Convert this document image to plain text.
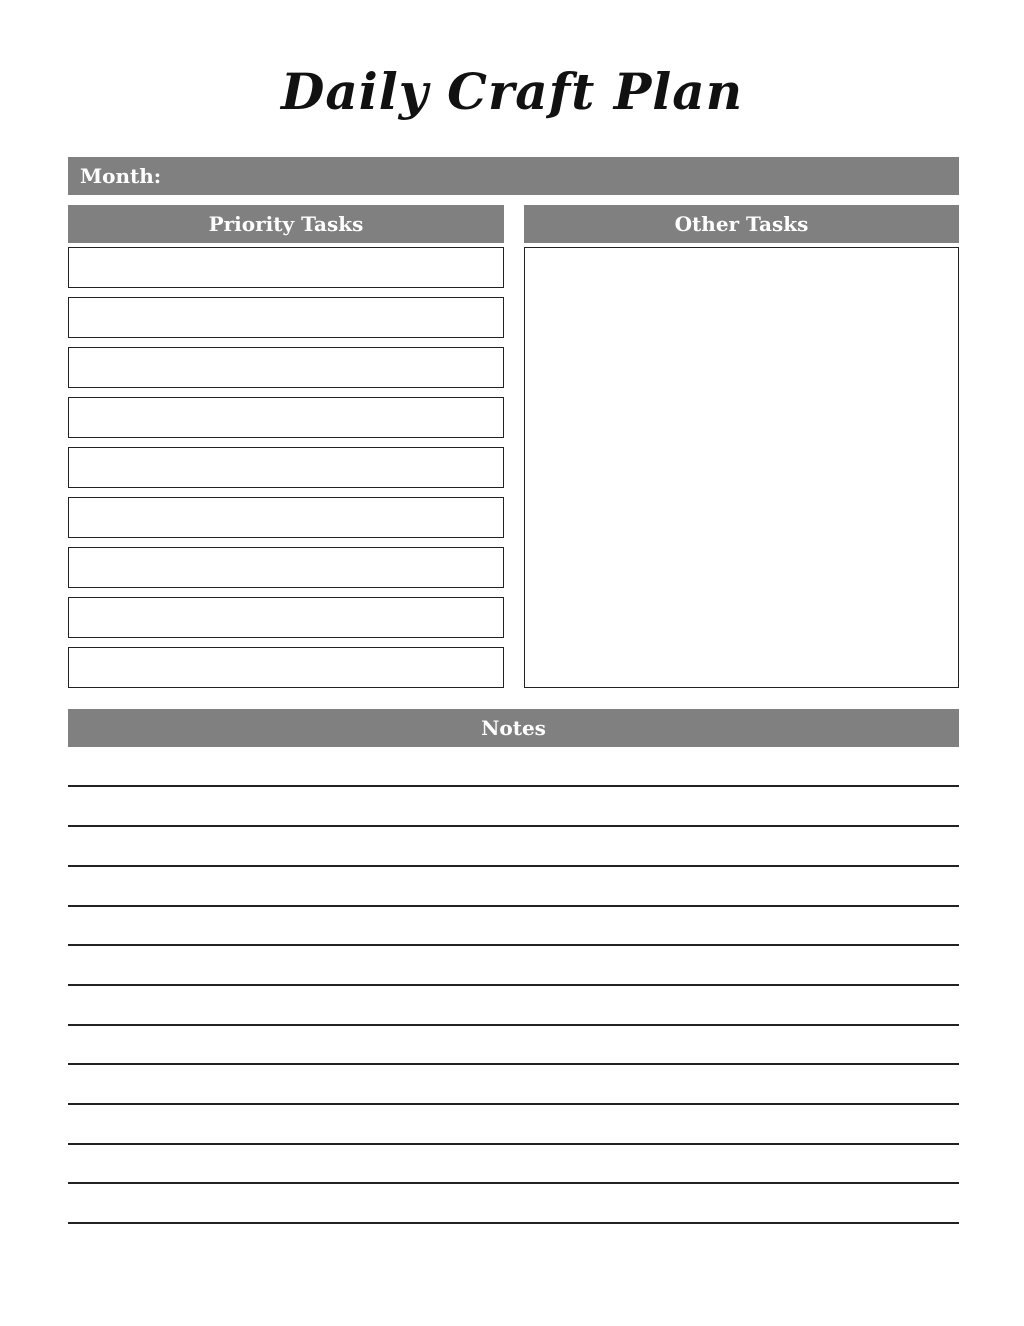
Daily Craft Plan
Month:
Priority Tasks	Other Tasks
Notes
